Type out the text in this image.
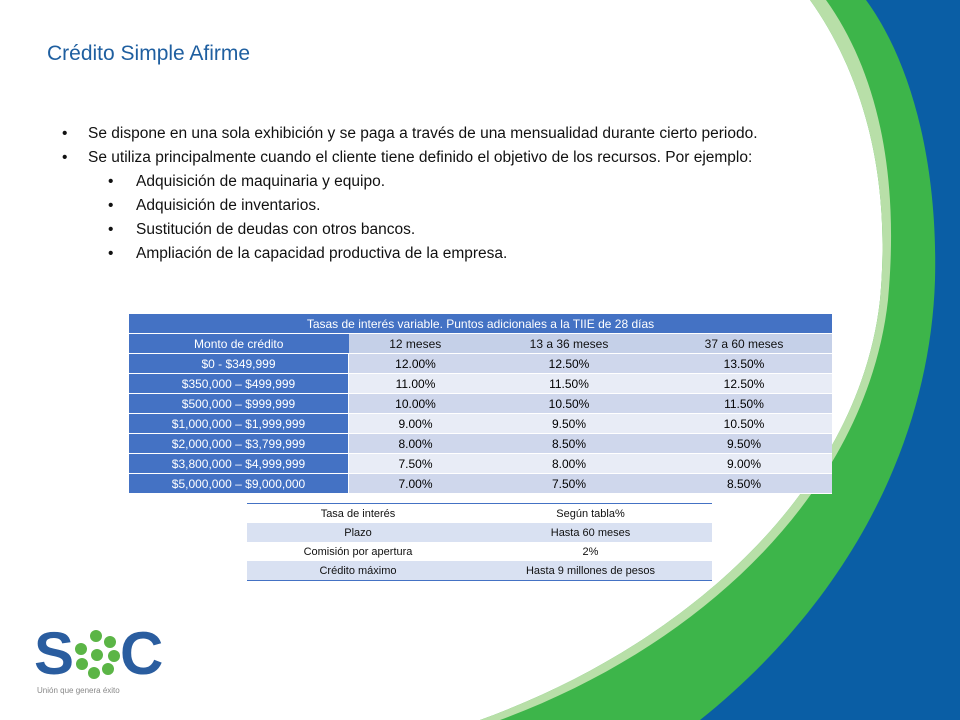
Crédito Simple Afirme
• Se dispone en una sola exhibición y se paga a través de una mensualidad durante cierto periodo.
• Se utiliza principalmente cuando el cliente tiene definido el objetivo de los recursos. Por ejemplo:
• Adquisición de maquinaria y equipo.
• Adquisición de inventarios.
• Sustitución de deudas con otros bancos.
• Ampliación de la capacidad productiva de la empresa.
Tasas de interés variable. Puntos adicionales a la TIIE de 28 días			
Monto de crédito	12 meses	13 a 36 meses	37 a 60 meses
$0 - $349,999	12.00%	12.50%	13.50%
$350,000 – $499,999	11.00%	11.50%	12.50%
$500,000 – $999,999	10.00%	10.50%	11.50%
$1,000,000 – $1,999,999	9.00%	9.50%	10.50%
$2,000,000 – $3,799,999	8.00%	8.50%	9.50%
$3,800,000 – $4,999,999	7.50%	8.00%	9.00%
$5,000,000 – $9,000,000	7.00%	7.50%	8.50%
Tasa de interés	Según tabla%
Plazo	Hasta 60 meses
Comisión por apertura	2%
Crédito máximo	Hasta 9 millones de pesos
S C
Unión que genera éxito
